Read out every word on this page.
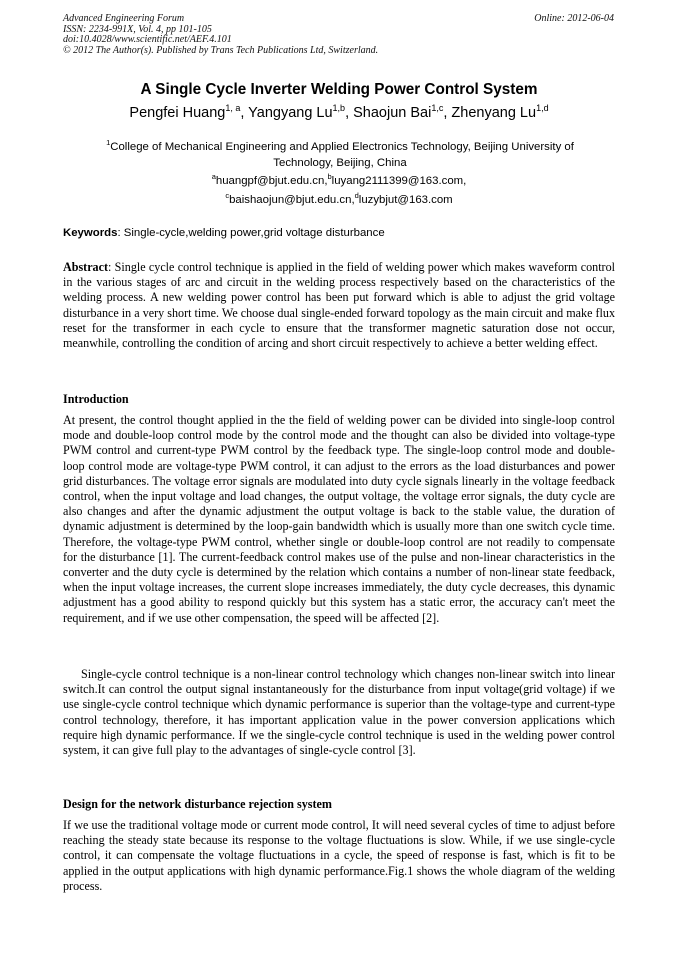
Advanced Engineering Forum
ISSN: 2234-991X, Vol. 4, pp 101-105
doi:10.4028/www.scientific.net/AEF.4.101
© 2012 The Author(s). Published by Trans Tech Publications Ltd, Switzerland.
Online: 2012-06-04
A Single Cycle Inverter Welding Power Control System
Pengfei Huang$^{1, a}$, Yangyang Lu$^{1,b}$, Shaojun Bai$^{1,c}$, Zhenyang Lu$^{1,d}$
$^1$College of Mechanical Engineering and Applied Electronics Technology, Beijing University of Technology, Beijing, China
$^a$huangpf@bjut.edu.cn,$^b$luyang2111399@163.com,
$^c$baishaojun@bjut.edu.cn,$^d$luzybjut@163.com
Keywords: Single-cycle,welding power,grid voltage disturbance

Abstract: Single cycle control technique is applied in the field of welding power which makes waveform control in the various stages of arc and circuit in the welding process respectively based on the characteristics of the welding process. A new welding power control has been put forward which is able to adjust the grid voltage disturbance in a very short time. We choose dual single-ended forward topology as the main circuit and make flux reset for the transformer in each cycle to ensure that the transformer magnetic saturation dose not occur, meanwhile, controlling the condition of arcing and short circuit respectively to achieve a better welding effect.

Introduction

At present, the control thought applied in the the field of welding power can be divided into single-loop control mode and double-loop control mode by the control mode and the thought can also be divided into voltage-type PWM control and current-type PWM control by the feedback type. The single-loop control mode and double-loop control mode are voltage-type PWM control, it can adjust to the errors as the load disturbances and power grid disturbances. The voltage error signals are modulated into duty cycle signals linearly in the voltage feedback control, when the input voltage and load changes, the output voltage, the voltage error signals, the duty cycle are also changes and after the dynamic adjustment the output voltage is back to the stable value, the duration of dynamic adjustment is determined by the loop-gain bandwidth which is usually more than one switch cycle time. Therefore, the voltage-type PWM control, whether single or double-loop control are not readily to compensate for the disturbance [1]. The current-feedback control makes use of the pulse and non-linear characteristics in the converter and the duty cycle is determined by the relation which contains a number of non-linear state feedback, when the input voltage increases, the current slope increases immediately, the duty cycle decreases, this dynamic adjustment has a good ability to respond quickly but this system has a static error, the accuracy can't meet the requirement, and if we use other compensation, the speed will be affected [2].

Single-cycle control technique is a non-linear control technology which changes non-linear switch into linear switch.It can control the output signal instantaneously for the disturbance from input voltage(grid voltage) if we use single-cycle control technique which dynamic performance is superior than the voltage-type and current-type control technology, therefore, it has important application value in the power conversion applications which require high dynamic performance. If we the single-cycle control technique is used in the welding power control system, it can give full play to the advantages of single-cycle control [3].

Design for the network disturbance rejection system

If we use the traditional voltage mode or current mode control, It will need several cycles of time to adjust before reaching the steady state because its response to the voltage fluctuations is slow. While, if we use single-cycle control, it can compensate the voltage fluctuations in a cycle, the speed of response is fast, which is fit to be applied in the output applications with high dynamic performance.Fig.1 shows the whole diagram of the welding process.
